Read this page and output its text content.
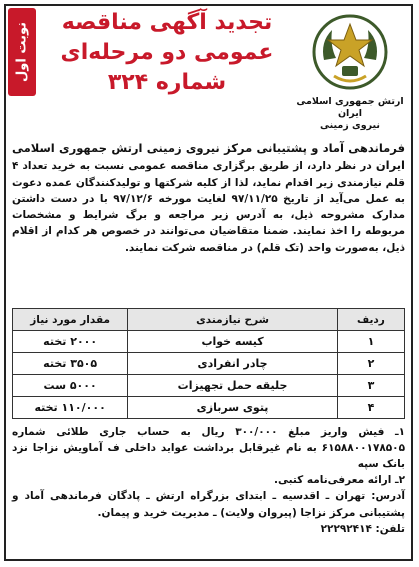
نوبت اول	تجدید آگهی مناقصه
عمومی دو مرحله‌ای
شماره ۳۲۴
ارتش جمهوری اسلامی ایران
نیروی زمینی
فرماندهی آماد و پشتیبانی مرکز نیروی زمینی ارتش جمهوری اسلامی ایران در نظر دارد، از طریق برگزاری مناقصه عمومی نسبت به خرید تعداد ۴ قلم نیازمندی زیر اقدام نماید، لذا از کلیه شرکتها و تولیدکنندگان عمده دعوت به عمل می‌آید از تاریخ ۹۷/۱۱/۲۵ لغایت مورخه ۹۷/۱۲/۶ با در دست داشتن مدارک مشروحه ذیل، به آدرس زیر مراجعه و برگ شرایط و مشخصات مربوطه را اخذ نمایند. ضمنا متقاضیان می‌توانند در خصوص هر کدام از اقلام ذیل، به‌صورت واحد (تک قلم) در مناقصه شرکت نمایند.
ردیف	شرح نیازمندی	مقدار مورد نیاز
۱	کیسه خواب	۲۰۰۰ تخته
۲	چادر انفرادی	۳۵۰۵ تخته
۳	جلیقه حمل تجهیزات	۵۰۰۰ ست
۴	پتوی سربازی	۱۱۰/۰۰۰ تخته
۱ـ فیش واریز مبلغ ۳۰۰/۰۰۰ ریال به حساب جاری طلائی شماره ۶۱۵۸۸۰۰۱۷۸۵۰۵ به نام غیرقابل برداشت عواید داخلی ف آماویش نزاجا نزد بانک سپه
۲ـ ارائه معرفی‌نامه کتبی.
آدرس: تهران ـ اقدسیه ـ ابتدای بزرگراه ارتش ـ پادگان فرماندهی آماد و پشتیبانی مرکز نزاجا (پیروان ولایت) ـ مدیریت خرید و پیمان.
تلفن: ۲۲۲۹۲۴۱۴
